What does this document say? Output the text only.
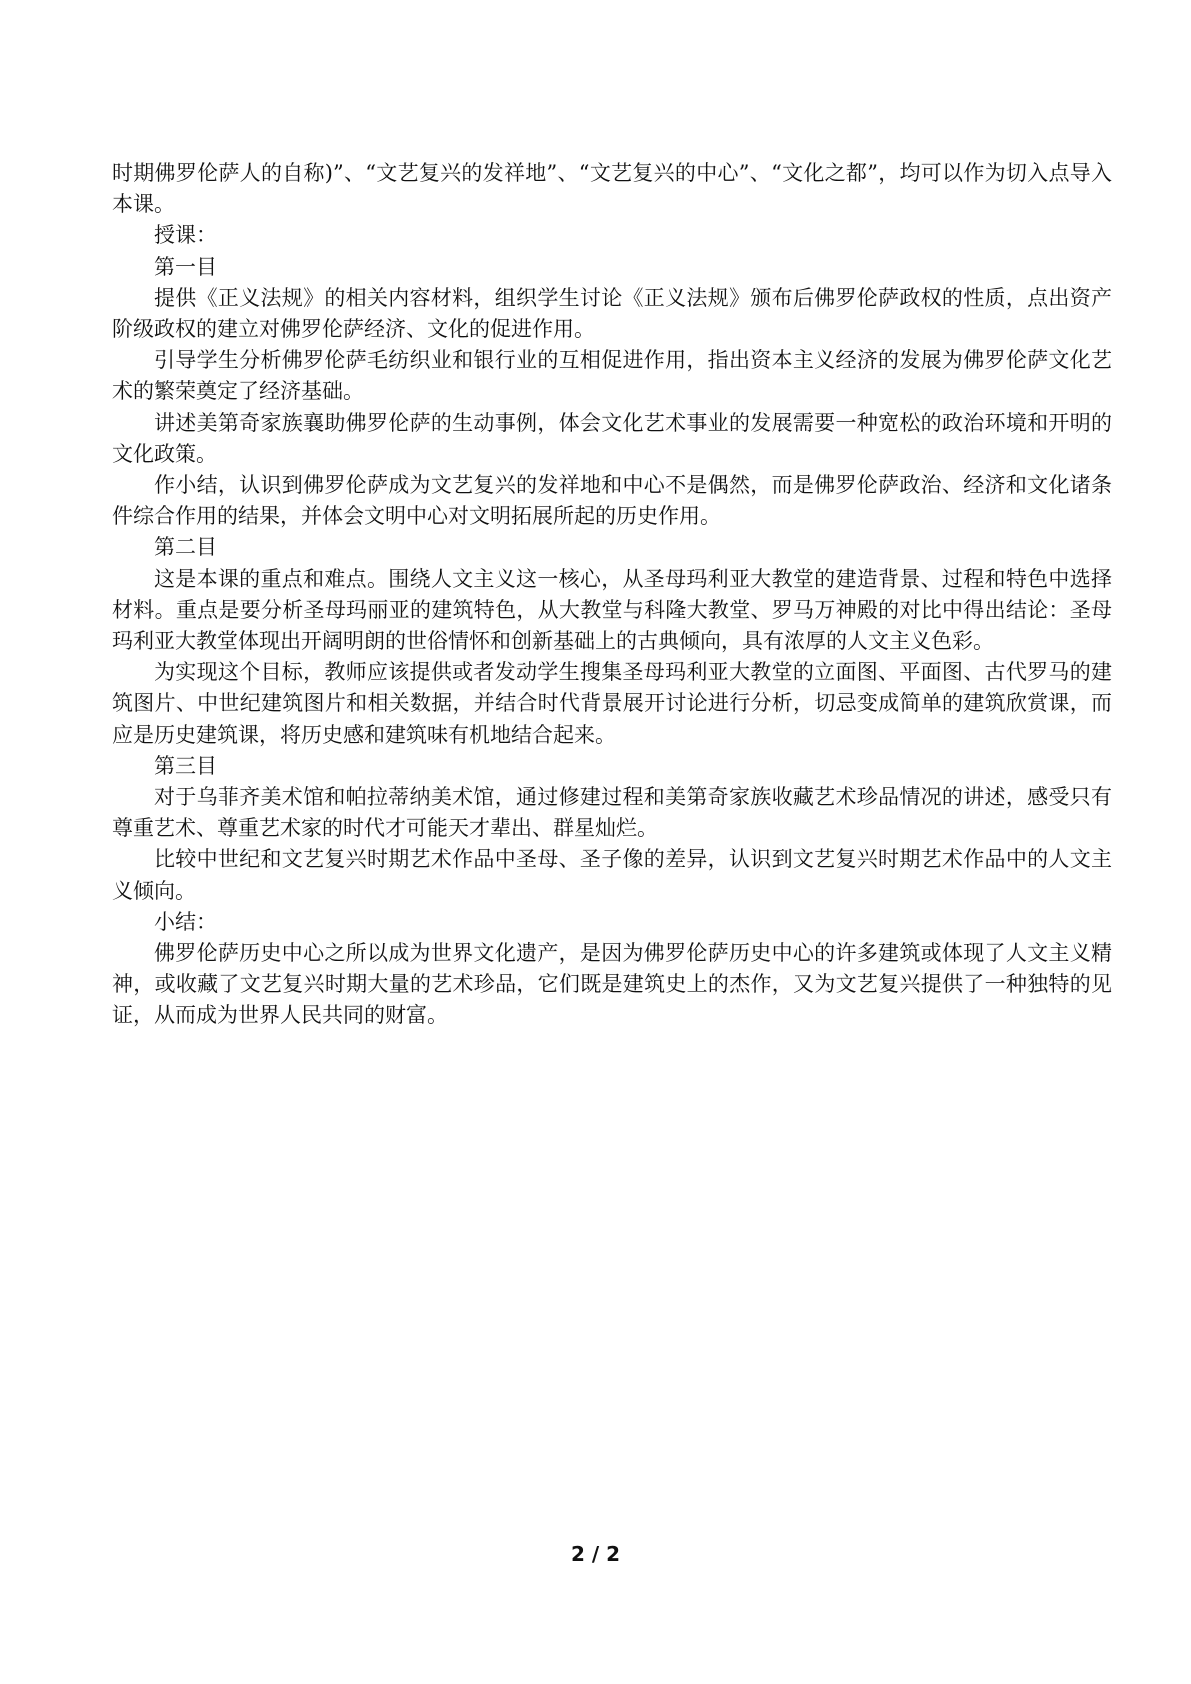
时期佛罗伦萨人的自称)”、“文艺复兴的发祥地”、“文艺复兴的中心”、“文化之都”，均可以作为切入点导入本课。

授课：

第一目

提供《正义法规》的相关内容材料，组织学生讨论《正义法规》颁布后佛罗伦萨政权的性质，点出资产阶级政权的建立对佛罗伦萨经济、文化的促进作用。

引导学生分析佛罗伦萨毛纺织业和银行业的互相促进作用，指出资本主义经济的发展为佛罗伦萨文化艺术的繁荣奠定了经济基础。

讲述美第奇家族襄助佛罗伦萨的生动事例，体会文化艺术事业的发展需要一种宽松的政治环境和开明的文化政策。

作小结，认识到佛罗伦萨成为文艺复兴的发祥地和中心不是偶然，而是佛罗伦萨政治、经济和文化诸条件综合作用的结果，并体会文明中心对文明拓展所起的历史作用。

第二目

这是本课的重点和难点。围绕人文主义这一核心，从圣母玛利亚大教堂的建造背景、过程和特色中选择材料。重点是要分析圣母玛丽亚的建筑特色，从大教堂与科隆大教堂、罗马万神殿的对比中得出结论：圣母玛利亚大教堂体现出开阔明朗的世俗情怀和创新基础上的古典倾向，具有浓厚的人文主义色彩。

为实现这个目标，教师应该提供或者发动学生搜集圣母玛利亚大教堂的立面图、平面图、古代罗马的建筑图片、中世纪建筑图片和相关数据，并结合时代背景展开讨论进行分析，切忌变成简单的建筑欣赏课，而应是历史建筑课，将历史感和建筑味有机地结合起来。

第三目

对于乌菲齐美术馆和帕拉蒂纳美术馆，通过修建过程和美第奇家族收藏艺术珍品情况的讲述，感受只有尊重艺术、尊重艺术家的时代才可能天才辈出、群星灿烂。

比较中世纪和文艺复兴时期艺术作品中圣母、圣子像的差异，认识到文艺复兴时期艺术作品中的人文主义倾向。

小结：

佛罗伦萨历史中心之所以成为世界文化遗产，是因为佛罗伦萨历史中心的许多建筑或体现了人文主义精神，或收藏了文艺复兴时期大量的艺术珍品，它们既是建筑史上的杰作，又为文艺复兴提供了一种独特的见证，从而成为世界人民共同的财富。

2 / 2
